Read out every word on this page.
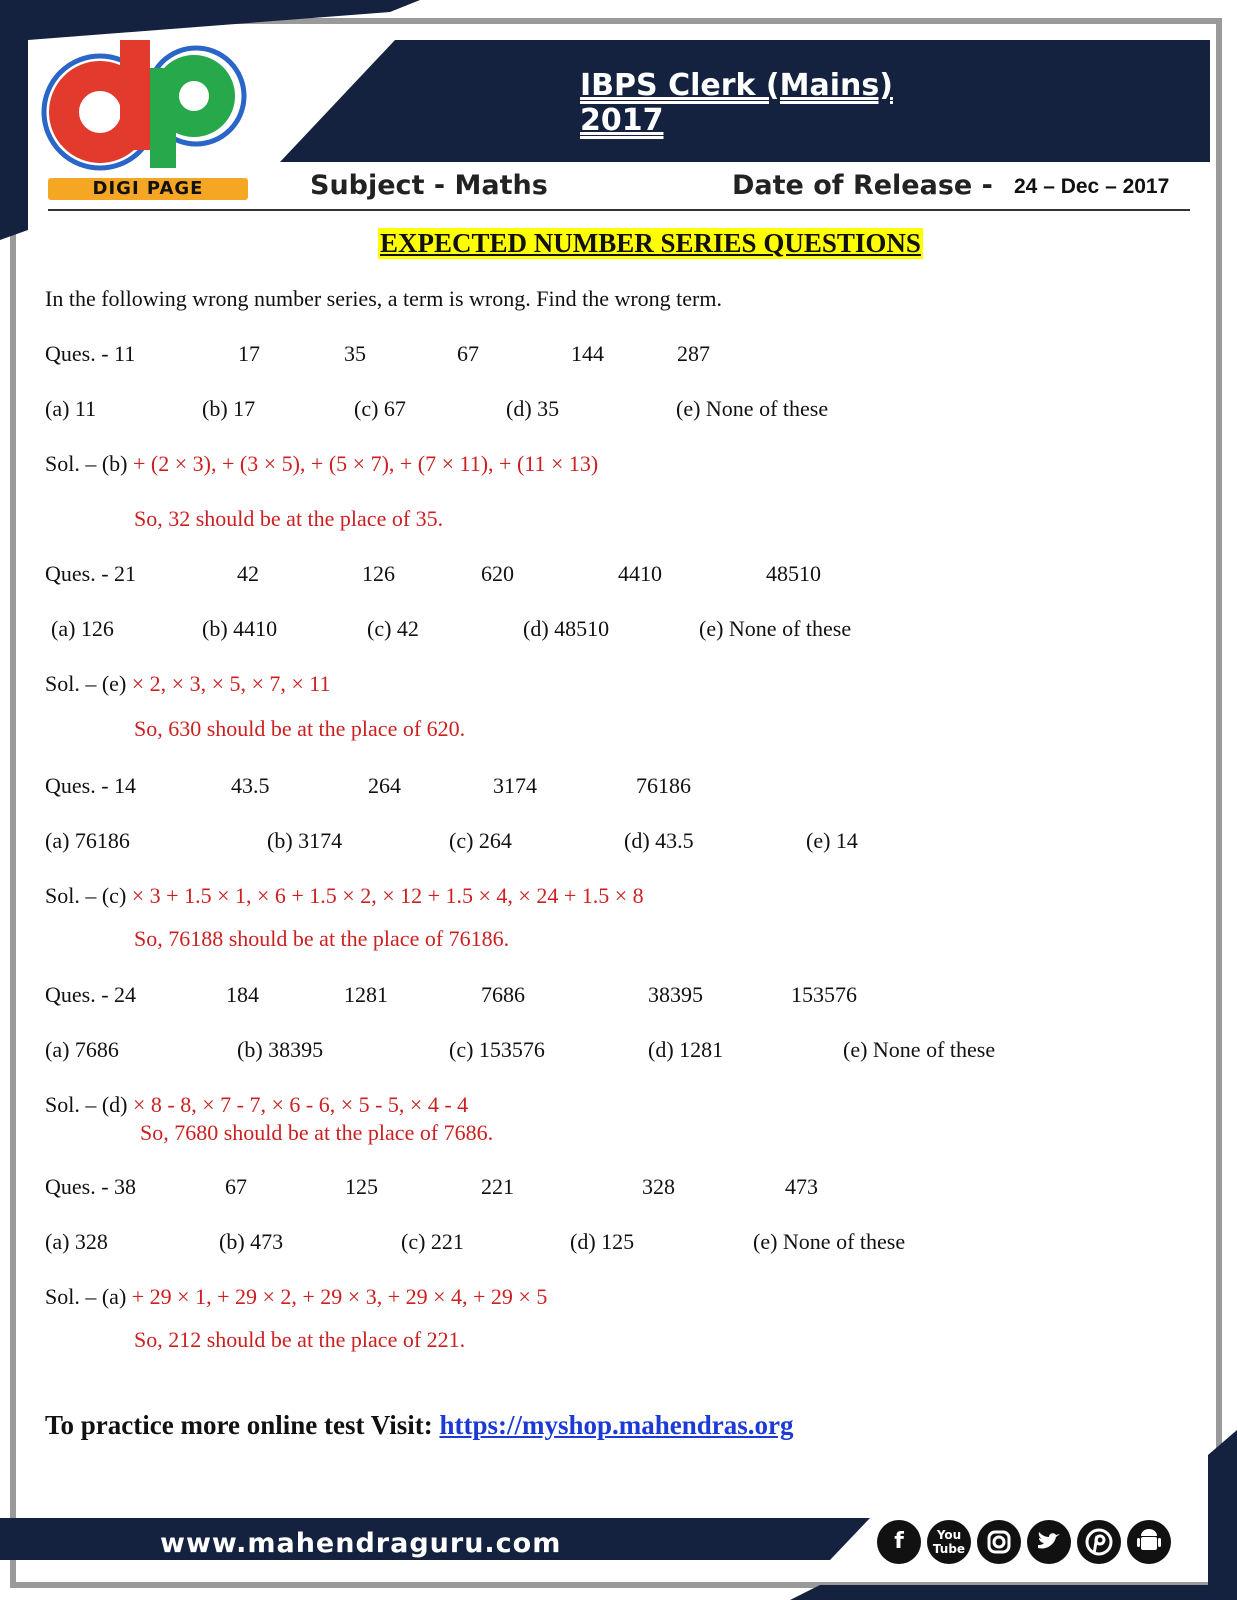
DIGI PAGE
IBPS Clerk (Mains) 2017
Subject - Maths	Date of Release - 24 – Dec – 2017
EXPECTED NUMBER SERIES QUESTIONS
In the following wrong number series, a term is wrong. Find the wrong term.
Ques. - 11	17	35	67	144	287
(a) 11	(b) 17	(c) 67	(d) 35	(e) None of these
Sol. – (b) + (2 × 3), + (3 × 5), + (5 × 7), + (7 × 11), + (11 × 13)
So, 32 should be at the place of 35.
Ques. - 21	42	126	620	4410	48510
(a) 126	(b) 4410	(c) 42	(d) 48510	(e) None of these
Sol. – (e) × 2, × 3, × 5, × 7, × 11
So, 630 should be at the place of 620.
Ques. - 14	43.5	264	3174	76186
(a) 76186	(b) 3174	(c) 264	(d) 43.5	(e) 14
Sol. – (c) × 3 + 1.5 × 1, × 6 + 1.5 × 2, × 12 + 1.5 × 4, × 24 + 1.5 × 8
So, 76188 should be at the place of 76186.
Ques. - 24	184	1281	7686	38395	153576
(a) 7686	(b) 38395	(c) 153576	(d) 1281	(e) None of these
Sol. – (d) × 8 - 8, × 7 - 7, × 6 - 6, × 5 - 5, × 4 - 4
So, 7680 should be at the place of 7686.
Ques. - 38	67	125	221	328	473
(a) 328	(b) 473	(c) 221	(d) 125	(e) None of these
Sol. – (a) + 29 × 1, + 29 × 2, + 29 × 3, + 29 × 4, + 29 × 5
So, 212 should be at the place of 221.
To practice more online test Visit: https://myshop.mahendras.org
www.mahendraguru.com	f	You
Tube
